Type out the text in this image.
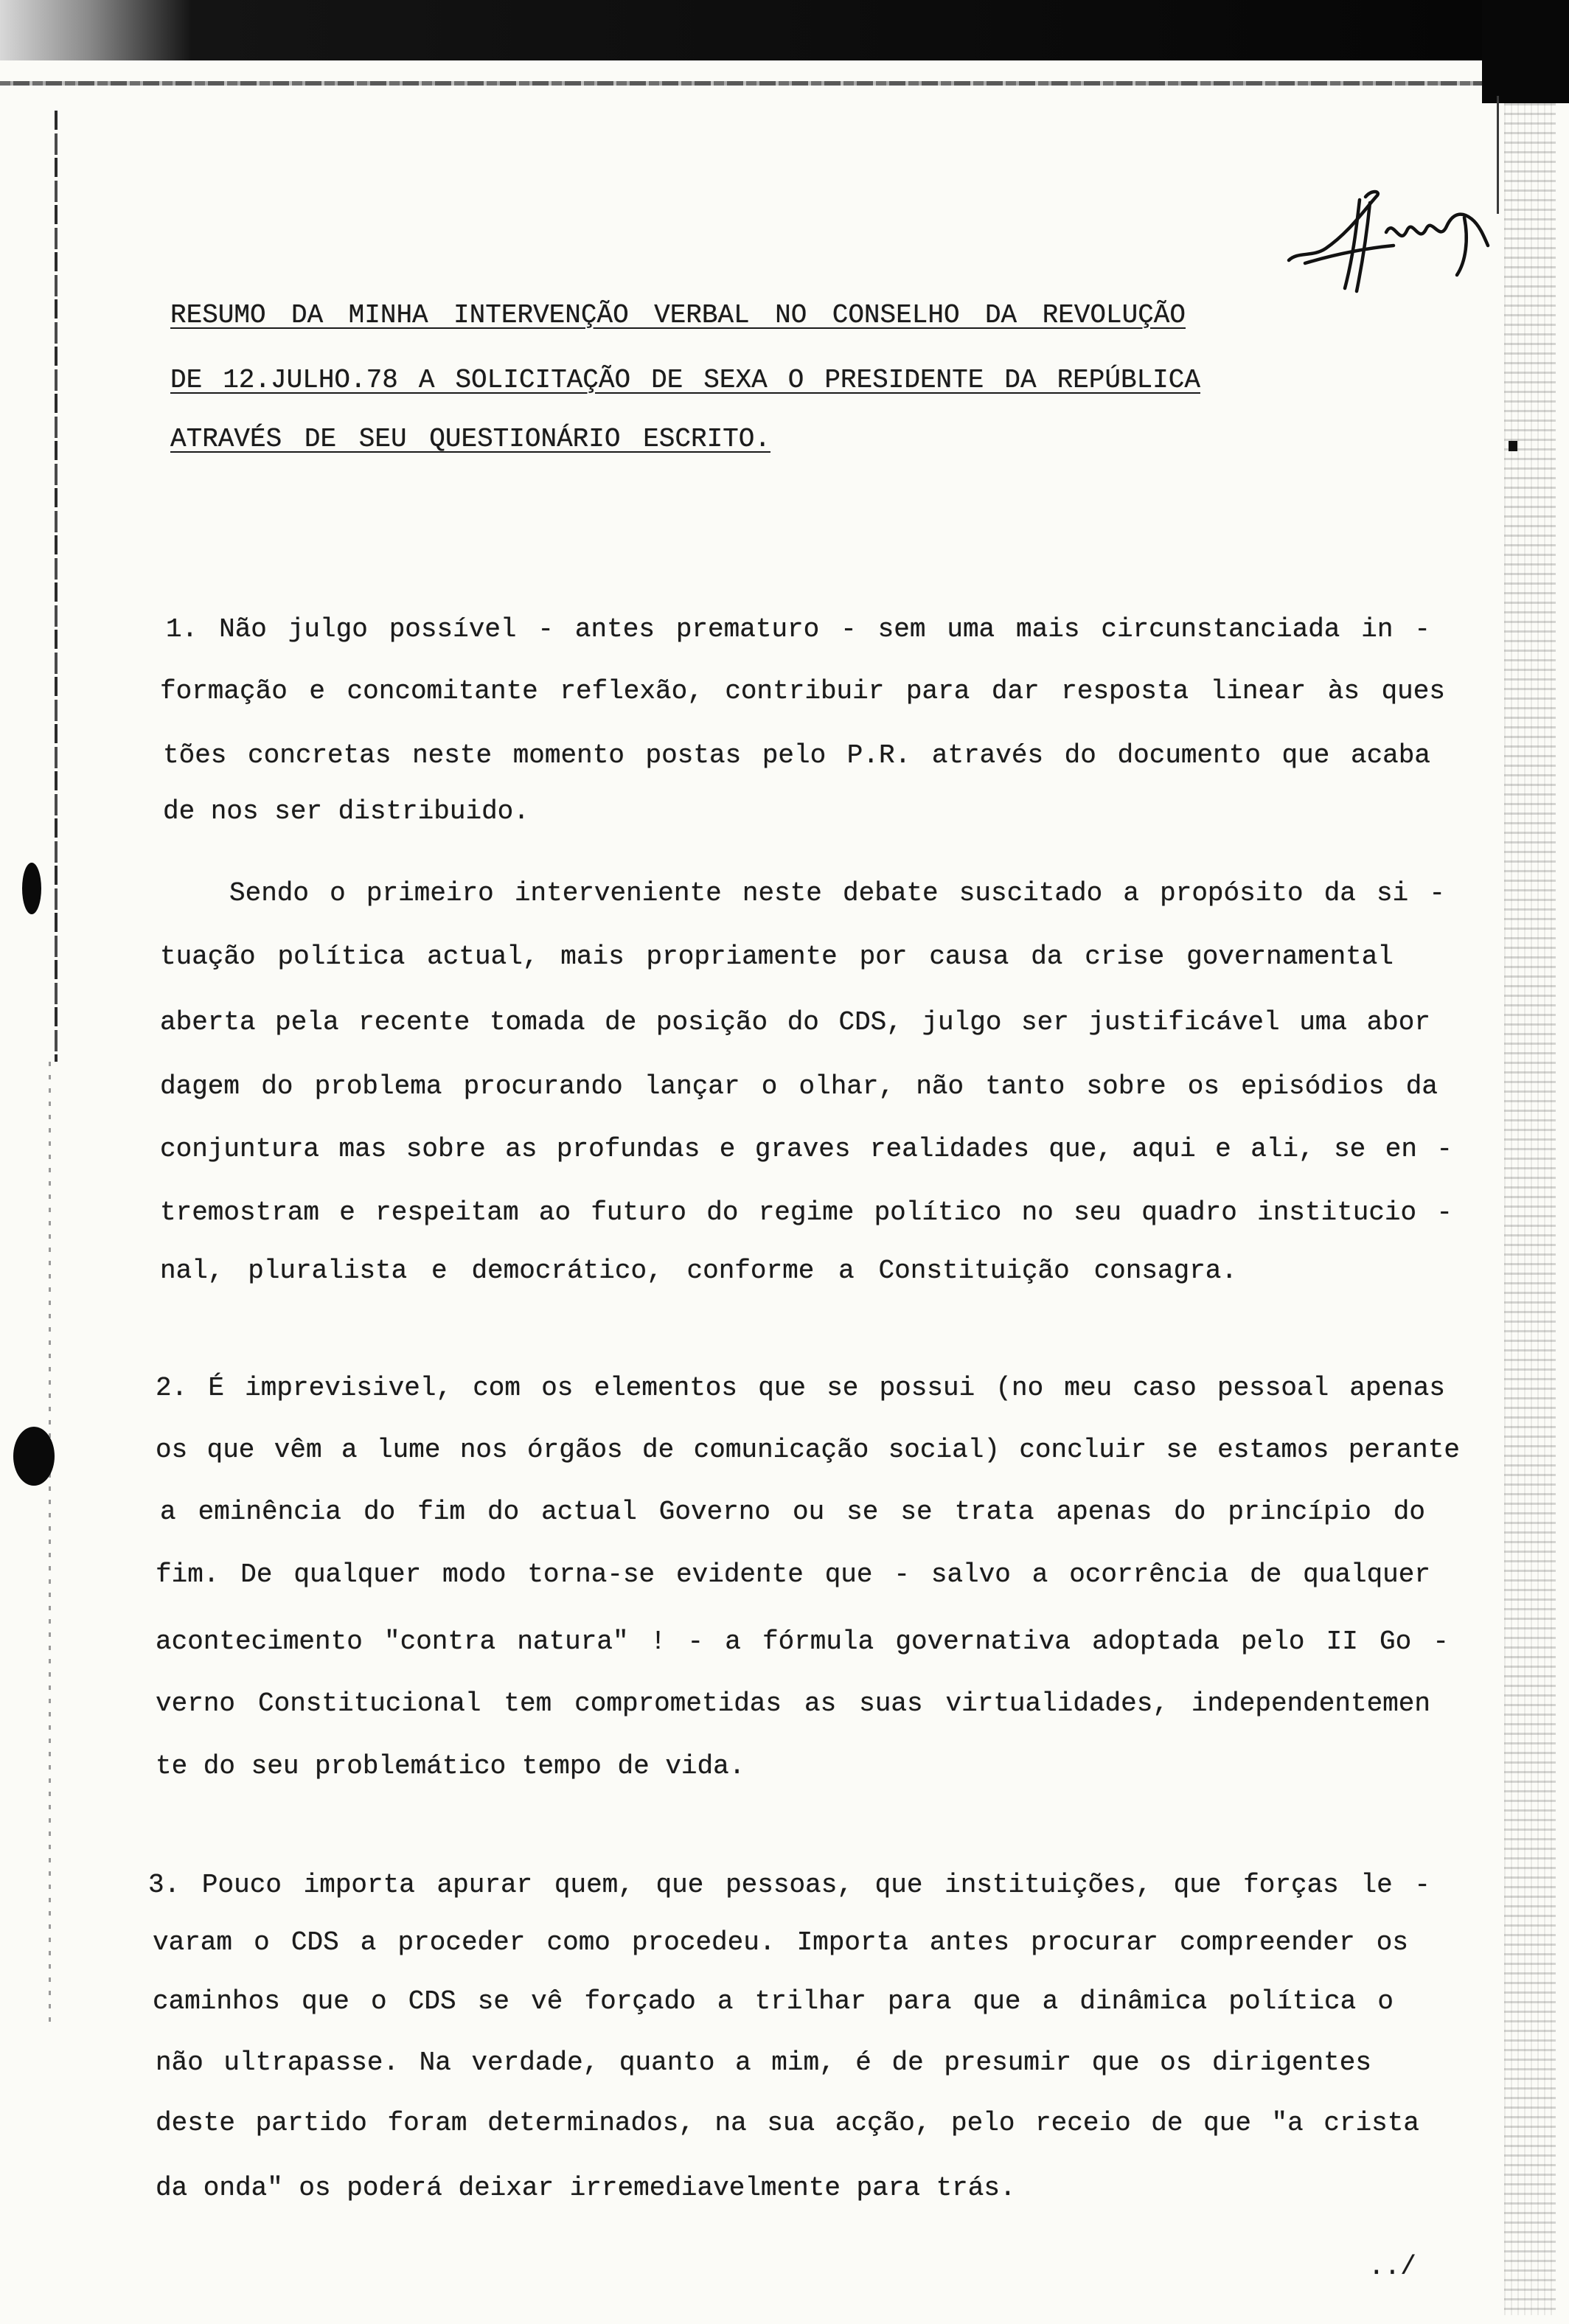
RESUMO DA MINHA INTERVENÇÃO VERBAL NO CONSELHO DA REVOLUÇÃO
DE 12.JULHO.78 A SOLICITAÇÃO DE SEXA O PRESIDENTE DA REPÚBLICA
ATRAVÉS DE SEU QUESTIONÁRIO ESCRITO.
1. Não julgo possível - antes prematuro - sem uma mais circunstanciada in -
formação e concomitante reflexão, contribuir para dar resposta linear às ques
tões concretas neste momento postas pelo P.R. através do documento que acaba
de nos ser distribuido.
Sendo o primeiro interveniente neste debate suscitado a propósito da si -
tuação política actual, mais propriamente por causa da crise governamental
aberta pela recente tomada de posição do CDS, julgo ser justificável uma abor
dagem do problema procurando lançar o olhar, não tanto sobre os episódios da
conjuntura mas sobre as profundas e graves realidades que, aqui e ali, se en -
tremostram e respeitam ao futuro do regime político no seu quadro institucio -
nal, pluralista e democrático, conforme a Constituição consagra.
2. É imprevisivel, com os elementos que se possui (no meu caso pessoal apenas
os que vêm a lume nos órgãos de comunicação social) concluir se estamos perante
a eminência do fim do actual Governo ou se se trata apenas do princípio do
fim. De qualquer modo torna-se evidente que - salvo a ocorrência de qualquer
acontecimento "contra natura" ! - a fórmula governativa adoptada pelo II Go -
verno Constitucional tem comprometidas as suas virtualidades, independentemen
te do seu problemático tempo de vida.
3. Pouco importa apurar quem, que pessoas, que instituições, que forças le -
varam o CDS a proceder como procedeu. Importa antes procurar compreender os
caminhos que o CDS se vê forçado a trilhar para que a dinâmica política o
não ultrapasse. Na verdade, quanto a mim, é de presumir que os dirigentes
deste partido foram determinados, na sua acção, pelo receio de que "a crista
da onda" os poderá deixar irremediavelmente para trás.
../
